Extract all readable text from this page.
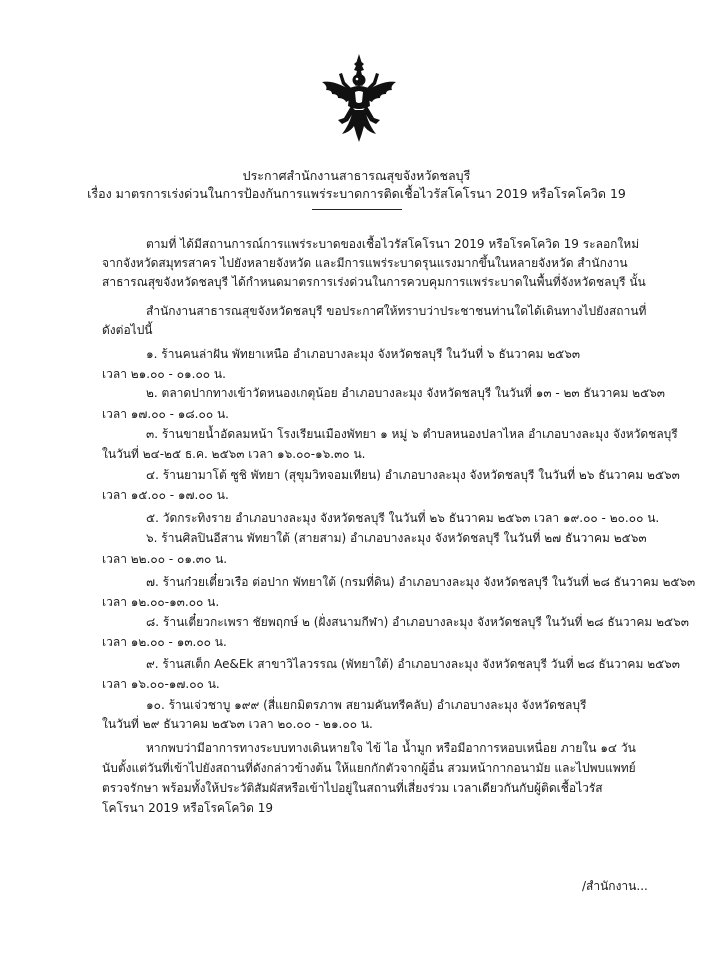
ประกาศสำนักงานสาธารณสุขจังหวัดชลบุรี
เรื่อง มาตรการเร่งด่วนในการป้องกันการแพร่ระบาดการติดเชื้อไวรัสโคโรนา 2019 หรือโรคโควิด 19
ตามที่ ได้มีสถานการณ์การแพร่ระบาดของเชื้อไวรัสโคโรนา 2019 หรือโรคโควิด 19 ระลอกใหม่
จากจังหวัดสมุทรสาคร ไปยังหลายจังหวัด และมีการแพร่ระบาดรุนแรงมากขึ้นในหลายจังหวัด สำนักงาน
สาธารณสุขจังหวัดชลบุรี ได้กำหนดมาตรการเร่งด่วนในการควบคุมการแพร่ระบาดในพื้นที่จังหวัดชลบุรี นั้น
สำนักงานสาธารณสุขจังหวัดชลบุรี ขอประกาศให้ทราบว่าประชาชนท่านใดได้เดินทางไปยังสถานที่
ดังต่อไปนี้
๑. ร้านคนล่าฝัน พัทยาเหนือ อำเภอบางละมุง จังหวัดชลบุรี ในวันที่ ๖ ธันวาคม ๒๕๖๓
เวลา ๒๑.๐๐ - ๐๑.๐๐ น.
๒. ตลาดปากทางเข้าวัดหนองเกตุน้อย อำเภอบางละมุง จังหวัดชลบุรี ในวันที่ ๑๓ - ๒๓ ธันวาคม ๒๕๖๓
เวลา ๑๗.๐๐ - ๑๘.๐๐ น.
๓. ร้านขายน้ำอัดลมหน้า โรงเรียนเมืองพัทยา ๑ หมู่ ๖ ตำบลหนองปลาไหล อำเภอบางละมุง จังหวัดชลบุรี
ในวันที่ ๒๔-๒๕ ธ.ค. ๒๕๖๓ เวลา ๑๖.๐๐-๑๖.๓๐ น.
๔. ร้านยามาโต้ ซูชิ พัทยา (สุขุมวิทจอมเทียน) อำเภอบางละมุง จังหวัดชลบุรี ในวันที่ ๒๖ ธันวาคม ๒๕๖๓
เวลา ๑๕.๐๐ - ๑๗.๐๐ น.
๕. วัดกระทิงราย อำเภอบางละมุง จังหวัดชลบุรี ในวันที่ ๒๖ ธันวาคม ๒๕๖๓ เวลา ๑๙.๐๐ - ๒๐.๐๐ น.
๖. ร้านศิลปินอีสาน พัทยาใต้ (สายสาม) อำเภอบางละมุง จังหวัดชลบุรี ในวันที่ ๒๗ ธันวาคม ๒๕๖๓
เวลา ๒๒.๐๐ - ๐๑.๓๐ น.
๗. ร้านก๋วยเตี๋ยวเรือ ต่อปาก พัทยาใต้ (กรมที่ดิน) อำเภอบางละมุง จังหวัดชลบุรี ในวันที่ ๒๘ ธันวาคม ๒๕๖๓
เวลา ๑๒.๐๐-๑๓.๐๐ น.
๘. ร้านเตี๋ยวกะเพรา ชัยพฤกษ์ ๒ (ฝั่งสนามกีฬา) อำเภอบางละมุง จังหวัดชลบุรี ในวันที่ ๒๘ ธันวาคม ๒๕๖๓
เวลา ๑๒.๐๐ - ๑๓.๐๐ น.
๙. ร้านสเต็ก Ae&Ek สาขาวิไลวรรณ (พัทยาใต้) อำเภอบางละมุง จังหวัดชลบุรี วันที่ ๒๘ ธันวาคม ๒๕๖๓
เวลา ๑๖.๐๐-๑๗.๐๐ น.
๑๐. ร้านเจ่วชาบู ๑๙๙ (สี่แยกมิตรภาพ สยามคันทรีคลับ) อำเภอบางละมุง จังหวัดชลบุรี
ในวันที่ ๒๙ ธันวาคม ๒๕๖๓ เวลา ๒๐.๐๐ - ๒๑.๐๐ น.
หากพบว่ามีอาการทางระบบทางเดินหายใจ ไข้ ไอ น้ำมูก หรือมีอาการหอบเหนื่อย ภายใน ๑๔ วัน
นับตั้งแต่วันที่เข้าไปยังสถานที่ดังกล่าวข้างต้น ให้แยกกักตัวจากผู้อื่น สวมหน้ากากอนามัย และไปพบแพทย์
ตรวจรักษา พร้อมทั้งให้ประวัติสัมผัสหรือเข้าไปอยู่ในสถานที่เสี่ยงร่วม เวลาเดียวกันกับผู้ติดเชื้อไวรัส
โคโรนา 2019 หรือโรคโควิด 19
/สำนักงาน...
